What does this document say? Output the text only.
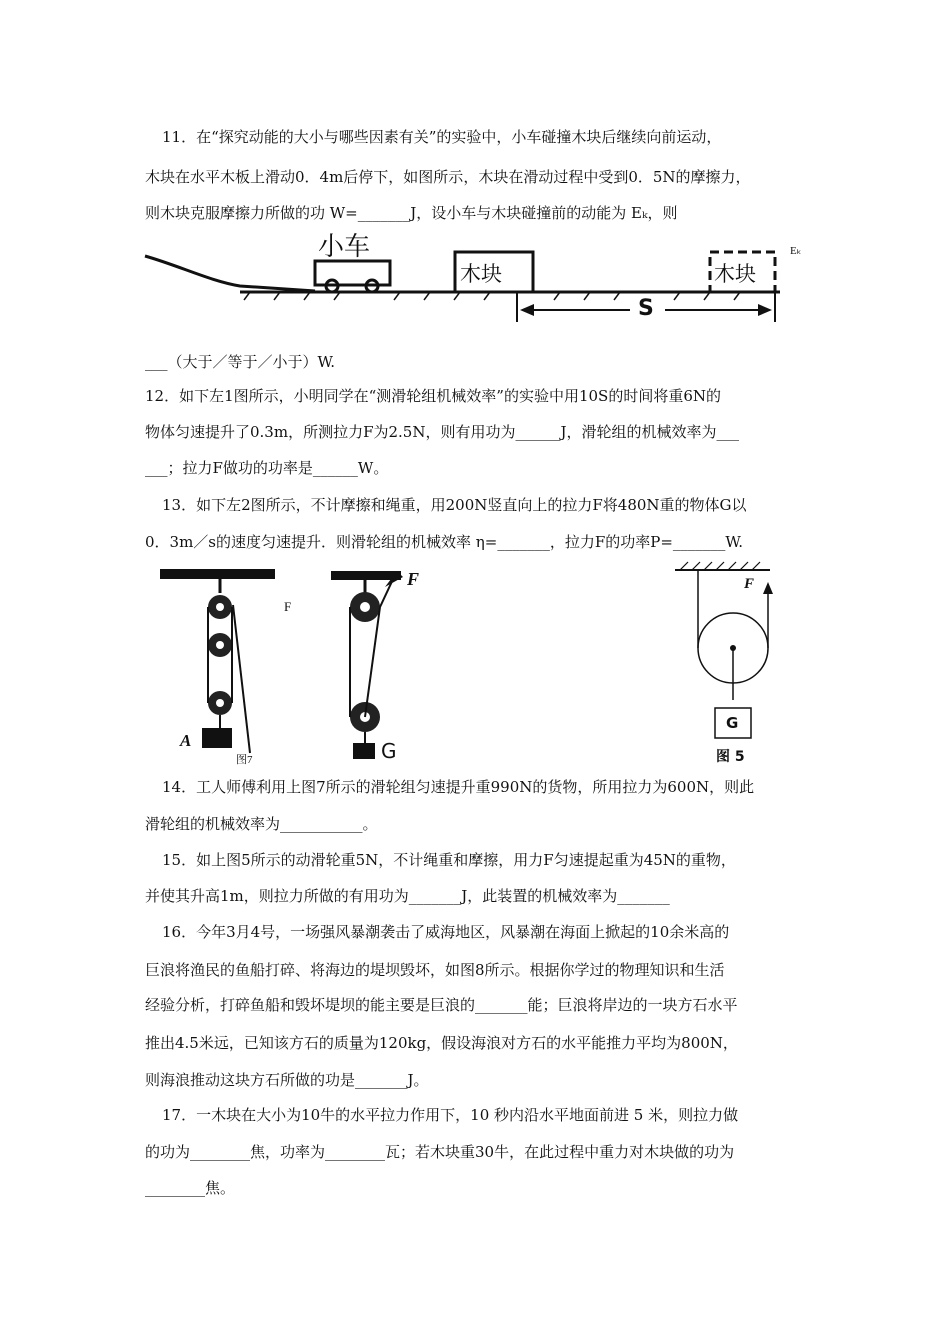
11．在“探究动能的大小与哪些因素有关”的实验中，小车碰撞木块后继续向前运动，
木块在水平木板上滑动0．4m后停下，如图所示，木块在滑动过程中受到0．5N的摩擦力，
则木块克服摩擦力所做的功 W=_______J，设小车与木块碰撞前的动能为 Eₖ，则
Eₖ
小车
木块	木块
S
___（大于／等于／小于）W.
12．如下左1图所示，小明同学在“测滑轮组机械效率”的实验中用10S的时间将重6N的
物体匀速提升了0.3m，所测拉力F为2.5N，则有用功为______J，滑轮组的机械效率为___
___；拉力F做功的功率是______W。
13．如下左2图所示，不计摩擦和绳重，用200N竖直向上的拉力F将480N重的物体G以
0．3m／s的速度匀速提升．则滑轮组的机械效率 η=_______，拉力F的功率P=_______W.
F
A
图7
F
G
F
G
图 5
14．工人师傅利用上图7所示的滑轮组匀速提升重990N的货物，所用拉力为600N，则此
滑轮组的机械效率为___________。
15．如上图5所示的动滑轮重5N，不计绳重和摩擦，用力F匀速提起重为45N的重物，
并使其升高1m，则拉力所做的有用功为_______J，此装置的机械效率为_______
16．今年3月4号，一场强风暴潮袭击了威海地区，风暴潮在海面上掀起的10余米高的
巨浪将渔民的鱼船打碎、将海边的堤坝毁坏，如图8所示。根据你学过的物理知识和生活
经验分析，打碎鱼船和毁坏堤坝的能主要是巨浪的_______能；巨浪将岸边的一块方石水平
推出4.5米远，已知该方石的质量为120kg，假设海浪对方石的水平能推力平均为800N，
则海浪推动这块方石所做的功是_______J。
17．一木块在大小为10牛的水平拉力作用下，10 秒内沿水平地面前进 5 米，则拉力做
的功为________焦，功率为________瓦；若木块重30牛，在此过程中重力对木块做的功为
________焦。
